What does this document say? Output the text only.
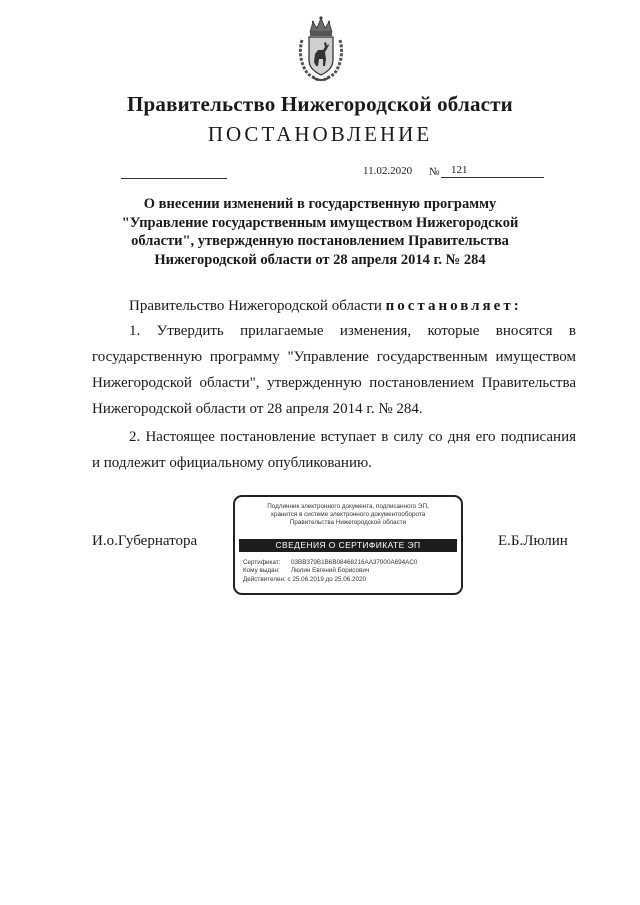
Правительство Нижегородской области
ПОСТАНОВЛЕНИЕ
11.02.2020 №	121
О внесении изменений в государственную программу
"Управление государственным имуществом Нижегородской
области", утвержденную постановлением Правительства
Нижегородской области от 28 апреля 2014 г. № 284
Правительство Нижегородской области постановляет:
1. Утвердить прилагаемые изменения, которые вносятся в
государственную программу "Управление государственным имуществом
Нижегородской области", утвержденную постановлением Правительства
Нижегородской области от 28 апреля 2014 г. № 284.
2. Настоящее постановление вступает в силу со дня его подписания
и подлежит официальному опубликованию.
И.о.Губернатора
Подлинник электронного документа, подписанного ЭП,
хранится в системе электронного документооборота
Правительства Нижегородской области
СВЕДЕНИЯ О СЕРТИФИКАТЕ ЭП
Сертификат: 03BB379B1B6B08468216AA37000A694AC0
Кому выдан: Люлин Евгений Борисович
Действителен: с 25.06.2019 до 25.06.2020
Е.Б.Люлин
